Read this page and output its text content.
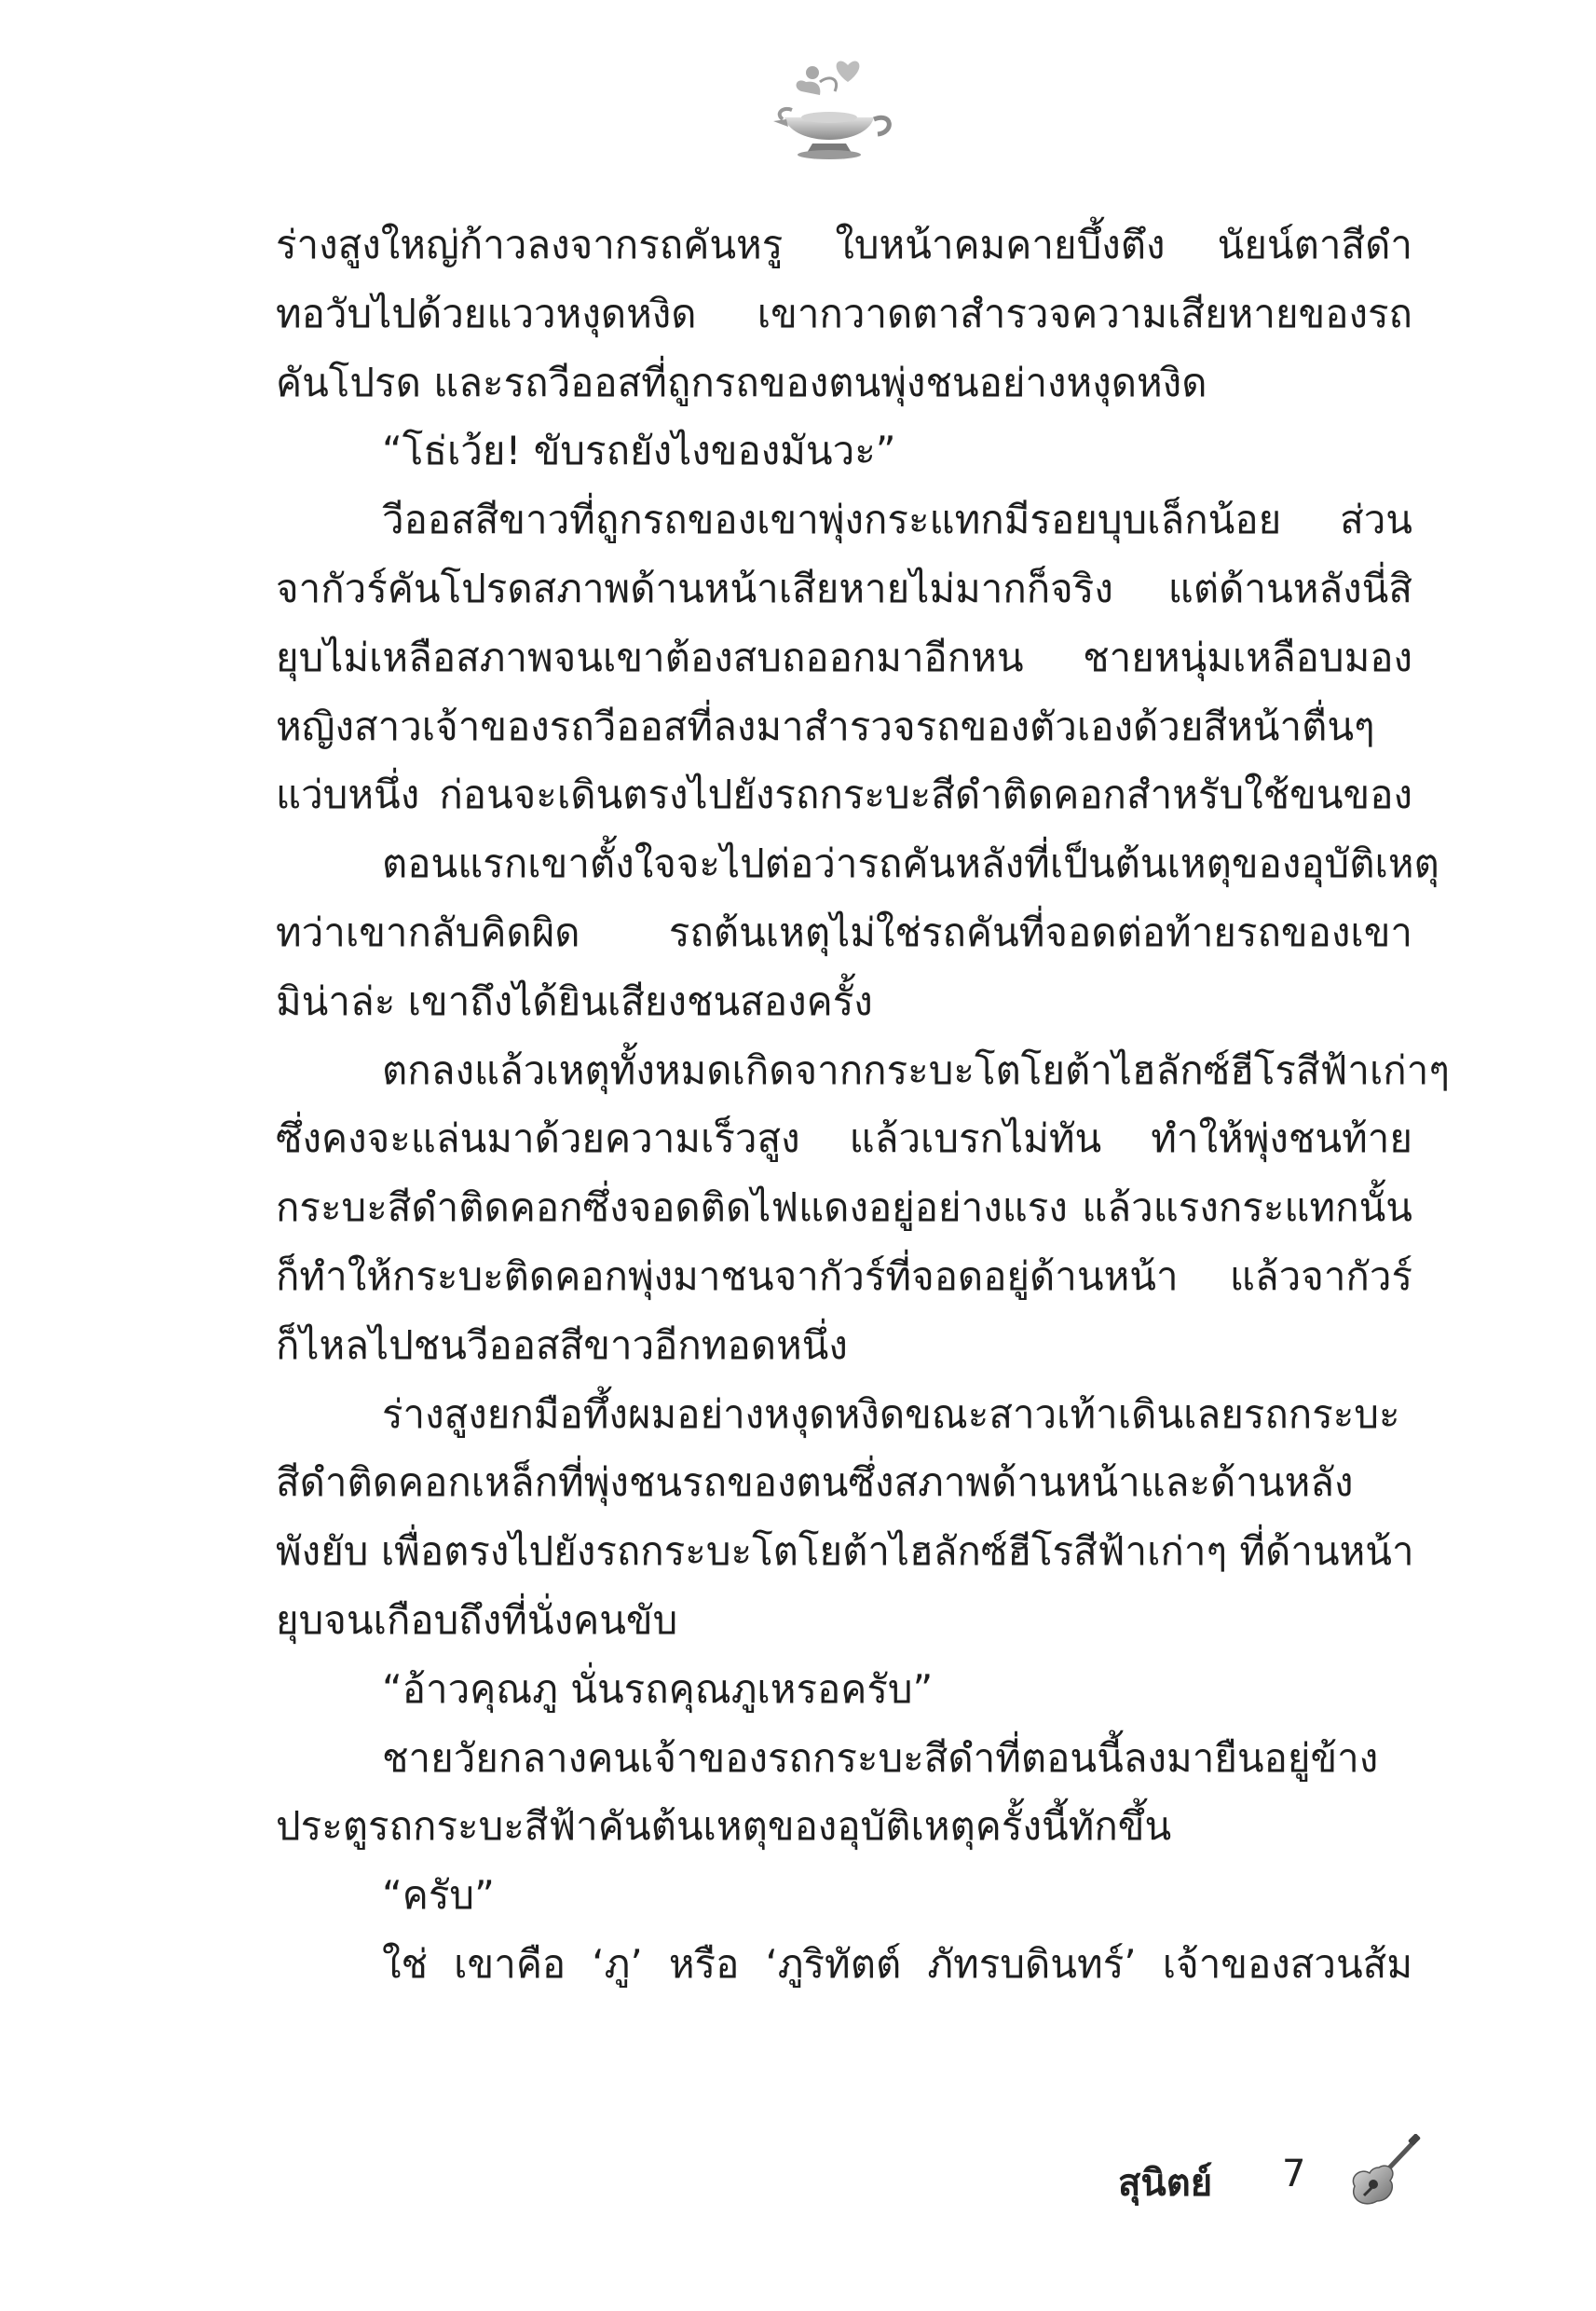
ร่างสูงใหญ่ก้าวลงจากรถคันหรู ใบหน้าคมคายบึ้งตึง นัยน์ตาสีดำ
ทอวับไปด้วยแววหงุดหงิด เขากวาดตาสำรวจความเสียหายของรถ
คันโปรด และรถวีออสที่ถูกรถของตนพุ่งชนอย่างหงุดหงิด
“โธ่เว้ย! ขับรถยังไงของมันวะ”
วีออสสีขาวที่ถูกรถของเขาพุ่งกระแทกมีรอยบุบเล็กน้อย ส่วน
จากัวร์คันโปรดสภาพด้านหน้าเสียหายไม่มากก็จริง แต่ด้านหลังนี่สิ
ยุบไม่เหลือสภาพจนเขาต้องสบถออกมาอีกหน ชายหนุ่มเหลือบมอง
หญิงสาวเจ้าของรถวีออสที่ลงมาสำรวจรถของตัวเองด้วยสีหน้าตื่นๆ
แว่บหนึ่ง ก่อนจะเดินตรงไปยังรถกระบะสีดำติดคอกสำหรับใช้ขนของ
ตอนแรกเขาตั้งใจจะไปต่อว่ารถคันหลังที่เป็นต้นเหตุของอุบัติเหตุ
ทว่าเขากลับคิดผิด รถต้นเหตุไม่ใช่รถคันที่จอดต่อท้ายรถของเขา
มิน่าล่ะ เขาถึงได้ยินเสียงชนสองครั้ง
ตกลงแล้วเหตุทั้งหมดเกิดจากกระบะโตโยต้าไฮลักซ์ฮีโรสีฟ้าเก่าๆ
ซึ่งคงจะแล่นมาด้วยความเร็วสูง แล้วเบรกไม่ทัน ทำให้พุ่งชนท้าย
กระบะสีดำติดคอกซึ่งจอดติดไฟแดงอยู่อย่างแรง แล้วแรงกระแทกนั้น
ก็ทำให้กระบะติดคอกพุ่งมาชนจากัวร์ที่จอดอยู่ด้านหน้า แล้วจากัวร์
ก็ไหลไปชนวีออสสีขาวอีกทอดหนึ่ง
ร่างสูงยกมือทึ้งผมอย่างหงุดหงิดขณะสาวเท้าเดินเลยรถกระบะ
สีดำติดคอกเหล็กที่พุ่งชนรถของตนซึ่งสภาพด้านหน้าและด้านหลัง
พังยับ เพื่อตรงไปยังรถกระบะโตโยต้าไฮลักซ์ฮีโรสีฟ้าเก่าๆ ที่ด้านหน้า
ยุบจนเกือบถึงที่นั่งคนขับ
“อ้าวคุณภู นั่นรถคุณภูเหรอครับ”
ชายวัยกลางคนเจ้าของรถกระบะสีดำที่ตอนนี้ลงมายืนอยู่ข้าง
ประตูรถกระบะสีฟ้าคันต้นเหตุของอุบัติเหตุครั้งนี้ทักขึ้น
“ครับ”
ใช่ เขาคือ ‘ภู’ หรือ ‘ภูริทัตต์ ภัทรบดินทร์’ เจ้าของสวนส้ม
สุนิตย์ 7
